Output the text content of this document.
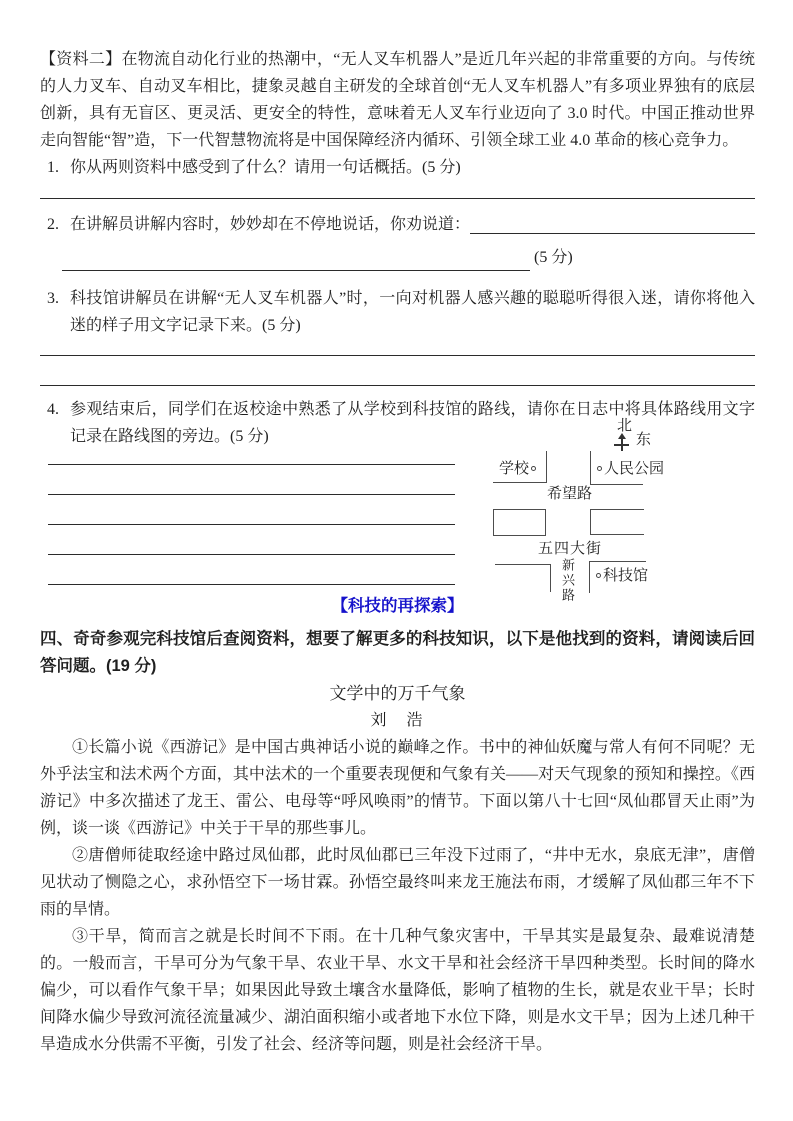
【资料二】在物流自动化行业的热潮中，“无人叉车机器人”是近几年兴起的非常重要的方向。与传统的人力叉车、自动叉车相比，捷象灵越自主研发的全球首创“无人叉车机器人”有多项业界独有的底层创新，具有无盲区、更灵活、更安全的特性，意味着无人叉车行业迈向了 3.0 时代。中国正推动世界走向智能“智”造，下一代智慧物流将是中国保障经济内循环、引领全球工业 4.0 革命的核心竞争力。

1. 你从两则资料中感受到了什么？请用一句话概括。(5 分)
2. 在讲解员讲解内容时，妙妙却在不停地说话，你劝说道：
(5 分)
3. 科技馆讲解员在讲解“无人叉车机器人”时，一向对机器人感兴趣的聪聪听得很入迷，请你将他入迷的样子用文字记录下来。(5 分)
4. 参观结束后，同学们在返校途中熟悉了从学校到科技馆的路线，请你在日志中将具体路线用文字记录在路线图的旁边。(5 分)
北
东
学校	人民公园
希望路
五四大街
新兴路	科技馆
【科技的再探索】

四、奇奇参观完科技馆后查阅资料，想要了解更多的科技知识，以下是他找到的资料，请阅读后回答问题。(19 分)

文学中的万千气象
刘　浩

①长篇小说《西游记》是中国古典神话小说的巅峰之作。书中的神仙妖魔与常人有何不同呢？无外乎法宝和法术两个方面，其中法术的一个重要表现便和气象有关——对天气现象的预知和操控。《西游记》中多次描述了龙王、雷公、电母等“呼风唤雨”的情节。下面以第八十七回“凤仙郡冒天止雨”为例，谈一谈《西游记》中关于干旱的那些事儿。

②唐僧师徒取经途中路过凤仙郡，此时凤仙郡已三年没下过雨了，“井中无水，泉底无津”，唐僧见状动了恻隐之心，求孙悟空下一场甘霖。孙悟空最终叫来龙王施法布雨，才缓解了凤仙郡三年不下雨的旱情。

③干旱，简而言之就是长时间不下雨。在十几种气象灾害中，干旱其实是最复杂、最难说清楚的。一般而言，干旱可分为气象干旱、农业干旱、水文干旱和社会经济干旱四种类型。长时间的降水偏少，可以看作气象干旱；如果因此导致土壤含水量降低，影响了植物的生长，就是农业干旱；长时间降水偏少导致河流径流量减少、湖泊面积缩小或者地下水位下降，则是水文干旱；因为上述几种干旱造成水分供需不平衡，引发了社会、经济等问题，则是社会经济干旱。
